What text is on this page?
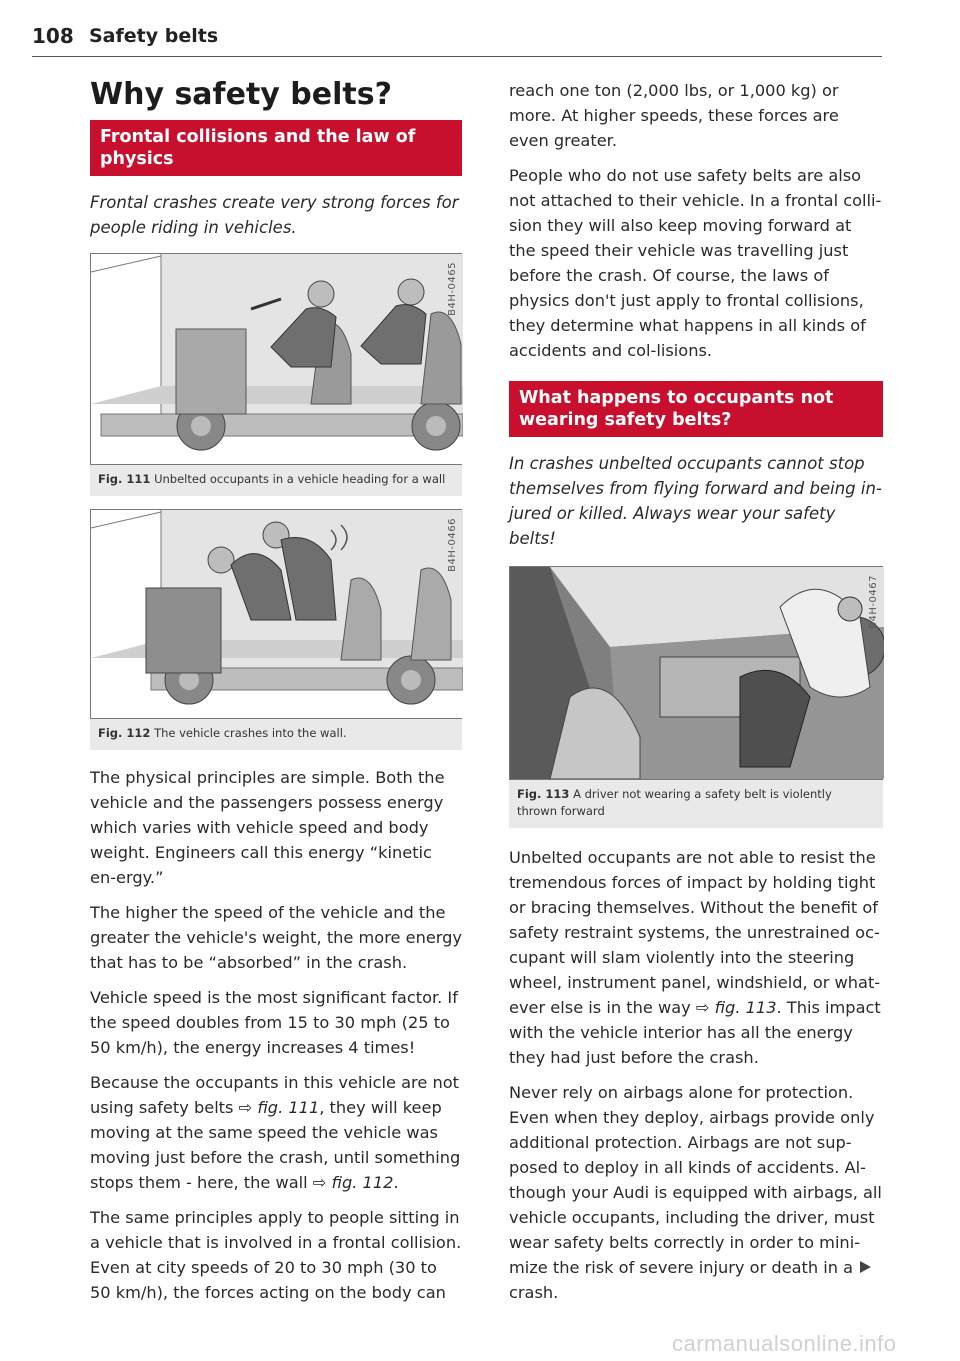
108 Safety belts
Why safety belts?
Frontal collisions and the law of physics

Frontal crashes create very strong forces for people riding in vehicles.

B4H-0465
Fig. 111 Unbelted occupants in a vehicle heading for a wall
B4H-0466
Fig. 112 The vehicle crashes into the wall.

The physical principles are simple. Both the vehicle and the passengers possess energy which varies with vehicle speed and body weight. Engineers call this energy “kinetic en-ergy.”

The higher the speed of the vehicle and the greater the vehicle's weight, the more energy that has to be “absorbed” in the crash.

Vehicle speed is the most significant factor. If the speed doubles from 15 to 30 mph (25 to 50 km/h), the energy increases 4 times!

Because the occupants in this vehicle are not using safety belts ⇨ fig. 111, they will keep moving at the same speed the vehicle was moving just before the crash, until something stops them - here, the wall ⇨ fig. 112.

The same principles apply to people sitting in a vehicle that is involved in a frontal collision. Even at city speeds of 20 to 30 mph (30 to 50 km/h), the forces acting on the body can

reach one ton (2,000 lbs, or 1,000 kg) or more. At higher speeds, these forces are even greater.

People who do not use safety belts are also not attached to their vehicle. In a frontal colli-sion they will also keep moving forward at the speed their vehicle was travelling just before the crash. Of course, the laws of physics don't just apply to frontal collisions, they determine what happens in all kinds of accidents and col-lisions.

What happens to occupants not wearing safety belts?

In crashes unbelted occupants cannot stop themselves from flying forward and being in-jured or killed. Always wear your safety belts!

B4H-0467
Fig. 113 A driver not wearing a safety belt is violently thrown forward

Unbelted occupants are not able to resist the tremendous forces of impact by holding tight or bracing themselves. Without the benefit of safety restraint systems, the unrestrained oc-cupant will slam violently into the steering wheel, instrument panel, windshield, or what-ever else is in the way ⇨ fig. 113. This impact with the vehicle interior has all the energy they had just before the crash.

Never rely on airbags alone for protection. Even when they deploy, airbags provide only additional protection. Airbags are not sup-posed to deploy in all kinds of accidents. Al-though your Audi is equipped with airbags, all vehicle occupants, including the driver, must wear safety belts correctly in order to mini-mize the risk of severe injury or death in a crash.

carmanualsonline.info
